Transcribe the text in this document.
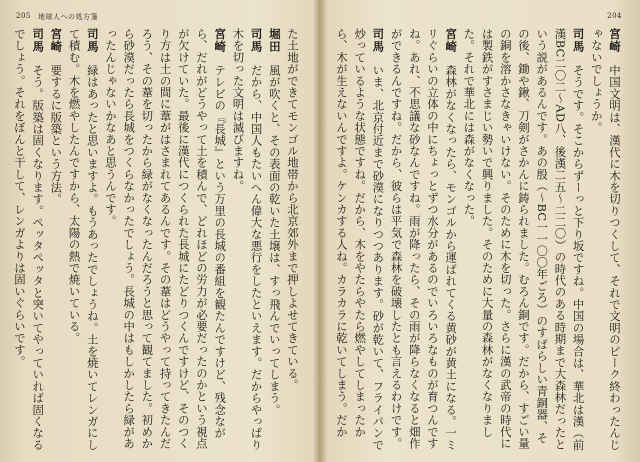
205 地球人への処方箋

た土地ができてモンゴル地帯から北京郊外まで押しよせてきている。

堀田　風が吹くと、その表面の乾いた土壌は、すっ飛んでいってしまう。

司馬　だから、中国人もたいへん偉大な悪行をしたといえます。だからやっぱり木を切った文明は滅びますね。

宮崎　テレビの『長城』という万里の長城の番組を観たんですけど、残念ながら、だれがどうやって土を積んで、どれほどの労力が必要だったのかという視点が欠けていた。最後に漢代につくられた長城にたどりつくんですけど、そのつくり方は土の間に葦がはさまれてあるんです。その葦はどうやって持ってきたんだろう、その葦を切ったから緑がなくなったんだろうと思って観てました。初めから砂漠だったら長城をつくらなかったでしょう。長城の中はもしかしたら緑があったんじゃないかなあと思うんです。

司馬　緑はあったと思いますよ。もうあったでしょうね。土を焼いてレンガにして積む。木を燃やしたんですから、太陽の熱で焼いている。

宮崎　要するに版築という方法。

司馬　そう。版築は固くなります。ペッタペッタと突いてやっていれば固くなるでしょう。それをぼんと干して、レンガよりは固いぐらいです。

204

宮崎　中国文明は、漢代に木を切りつくして、それで文明のピーク終わったんじゃないでしょうか。

司馬　そうです。そこからずーっと下り坂ですね。中国の場合は、華北は漢（前漢BC二〇二〜AD八、後漢二五〜二二〇）の時代のある時期まで大森林だったという説があるんです。あの殷（〜BC一一〇〇年ごろ）のすばらしい青銅器、その後、鋤や鍬、刀剣がさかんに鋳られました。むろん銅です。だから、すごい量の銅を溶かさなきゃいけない。そのために木を切った。さらに漢の武帝の時代には製鉄がすさまじい勢いで興りました。そのために大量の森林がなくなりました。それで華北には森がなくなった。

宮崎　森林がなくなったら、モンゴルから運ばれてくる黄砂が黄土になる。一ミリぐらいの立体の中にちょっとずつ水分があるのでいろいろなものが育つんですね。あれ、不思議な砂なんですね。雨が降ったら、その雨が降らなくなると畑作ができるんですね。だから、彼らは平気で森林を破壊したとも言えるわけです。

司馬　いま、北京付近まで砂漠になりつつあります。砂が乾いて、フライパンで炒っているような状態ですね。だから、木をやたらやたら燃やしてしまったから、木が生えないんですよ。ケンカする人ね。カラカラに乾いてしまう。だか
